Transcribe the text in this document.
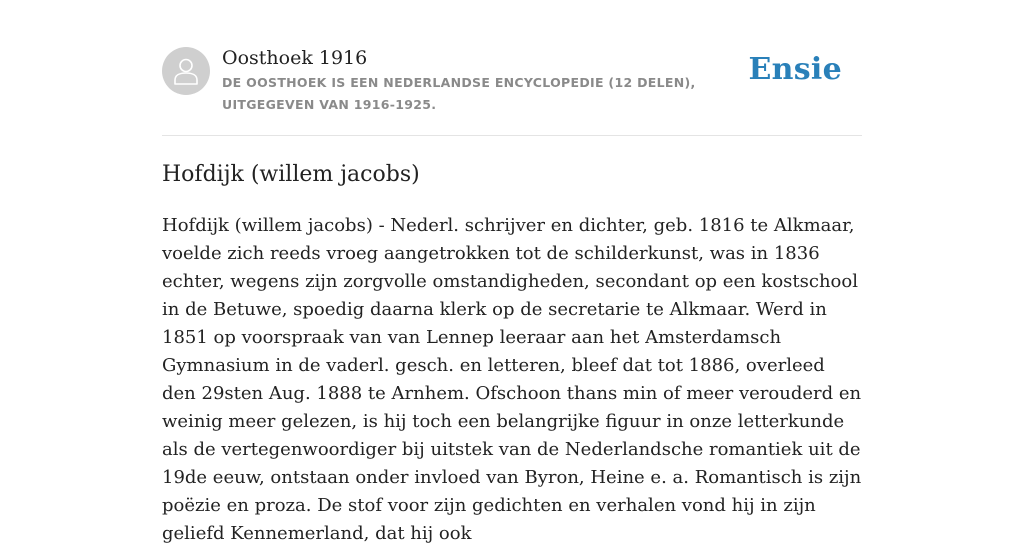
Oosthoek 1916
DE OOSTHOEK IS EEN NEDERLANDSE ENCYCLOPEDIE (12 DELEN), UITGEGEVEN VAN 1916-1925.
Ensie
Hofdijk (willem jacobs)

Hofdijk (willem jacobs) - Nederl. schrijver en dichter, geb. 1816 te Alkmaar, voelde zich reeds vroeg aangetrokken tot de schilderkunst, was in 1836 echter, wegens zijn zorgvolle omstandigheden, secondant op een kostschool in de Betuwe, spoedig daarna klerk op de secretarie te Alkmaar. Werd in 1851 op voorspraak van van Lennep leeraar aan het Amsterdamsch Gymnasium in de vaderl. gesch. en letteren, bleef dat tot 1886, overleed den 29sten Aug. 1888 te Arnhem. Ofschoon thans min of meer verouderd en weinig meer gelezen, is hij toch een belangrijke figuur in onze letterkunde als de vertegenwoordiger bij uitstek van de Nederlandsche romantiek uit de 19de eeuw, ontstaan onder invloed van Byron, Heine e. a. Romantisch is zijn poëzie en proza. De stof voor zijn gedichten en verhalen vond hij in zijn geliefd Kennemerland, dat hij ook
